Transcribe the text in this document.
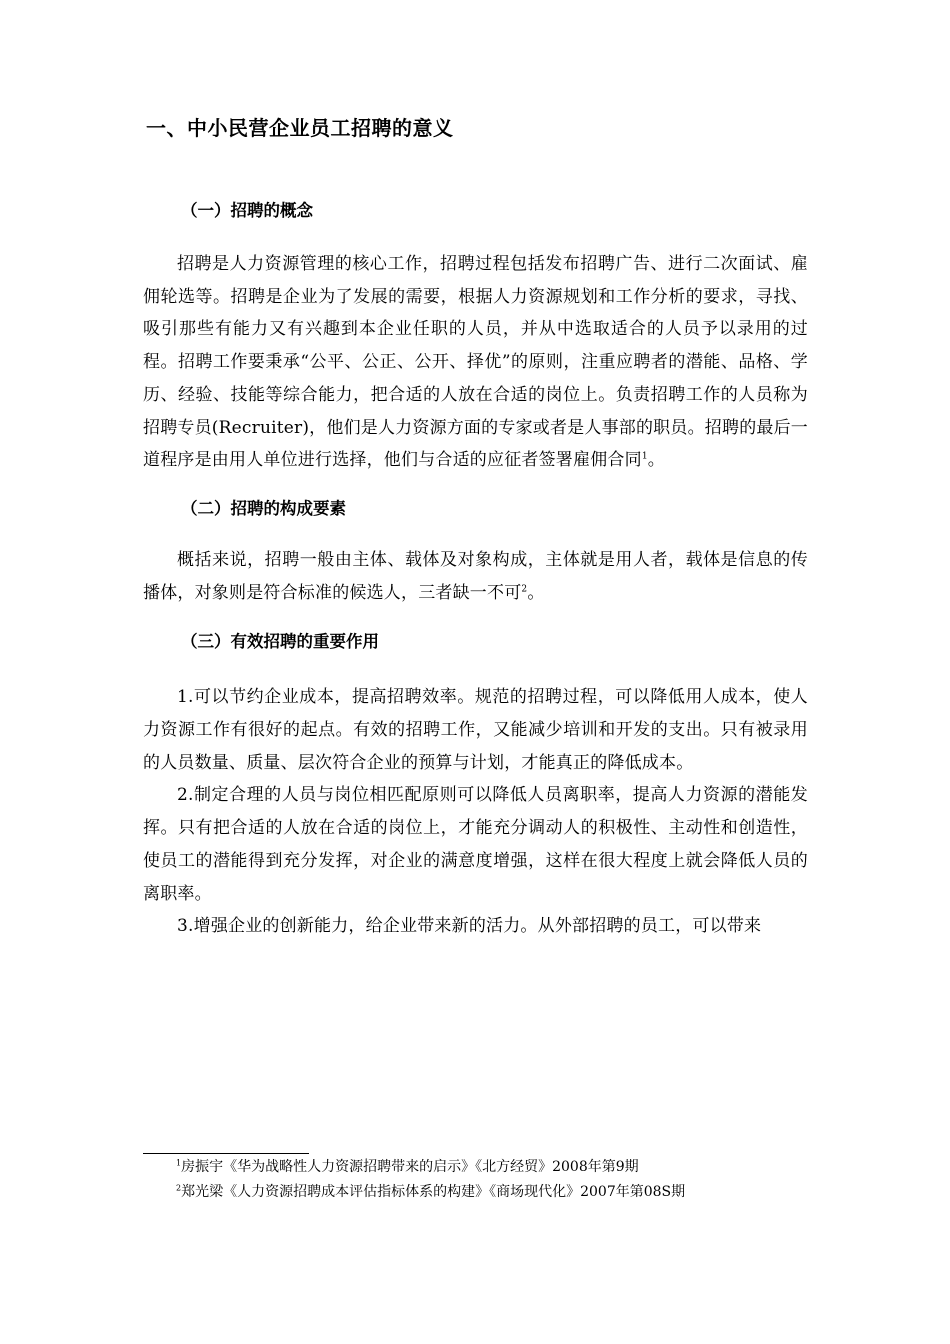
一、中小民营企业员工招聘的意义
（一）招聘的概念

招聘是人力资源管理的核心工作，招聘过程包括发布招聘广告、进行二次面试、雇佣轮选等。招聘是企业为了发展的需要，根据人力资源规划和工作分析的要求，寻找、吸引那些有能力又有兴趣到本企业任职的人员，并从中选取适合的人员予以录用的过程。招聘工作要秉承“公平、公正、公开、择优”的原则，注重应聘者的潜能、品格、学历、经验、技能等综合能力，把合适的人放在合适的岗位上。负责招聘工作的人员称为招聘专员(Recruiter)，他们是人力资源方面的专家或者是人事部的职员。招聘的最后一道程序是由用人单位进行选择，他们与合适的应征者签署雇佣合同$^1$。

（二）招聘的构成要素

概括来说，招聘一般由主体、载体及对象构成，主体就是用人者，载体是信息的传播体，对象则是符合标准的候选人，三者缺一不可$^2$。

（三）有效招聘的重要作用

1.可以节约企业成本，提高招聘效率。规范的招聘过程，可以降低用人成本，使人力资源工作有很好的起点。有效的招聘工作，又能减少培训和开发的支出。只有被录用的人员数量、质量、层次符合企业的预算与计划，才能真正的降低成本。

2.制定合理的人员与岗位相匹配原则可以降低人员离职率，提高人力资源的潜能发挥。只有把合适的人放在合适的岗位上，才能充分调动人的积极性、主动性和创造性，使员工的潜能得到充分发挥，对企业的满意度增强，这样在很大程度上就会降低人员的离职率。

3.增强企业的创新能力，给企业带来新的活力。从外部招聘的员工，可以带来

$^1$房振宇《华为战略性人力资源招聘带来的启示》《北方经贸》2008年第9期
$^2$郑光梁《人力资源招聘成本评估指标体系的构建》《商场现代化》2007年第08S期
